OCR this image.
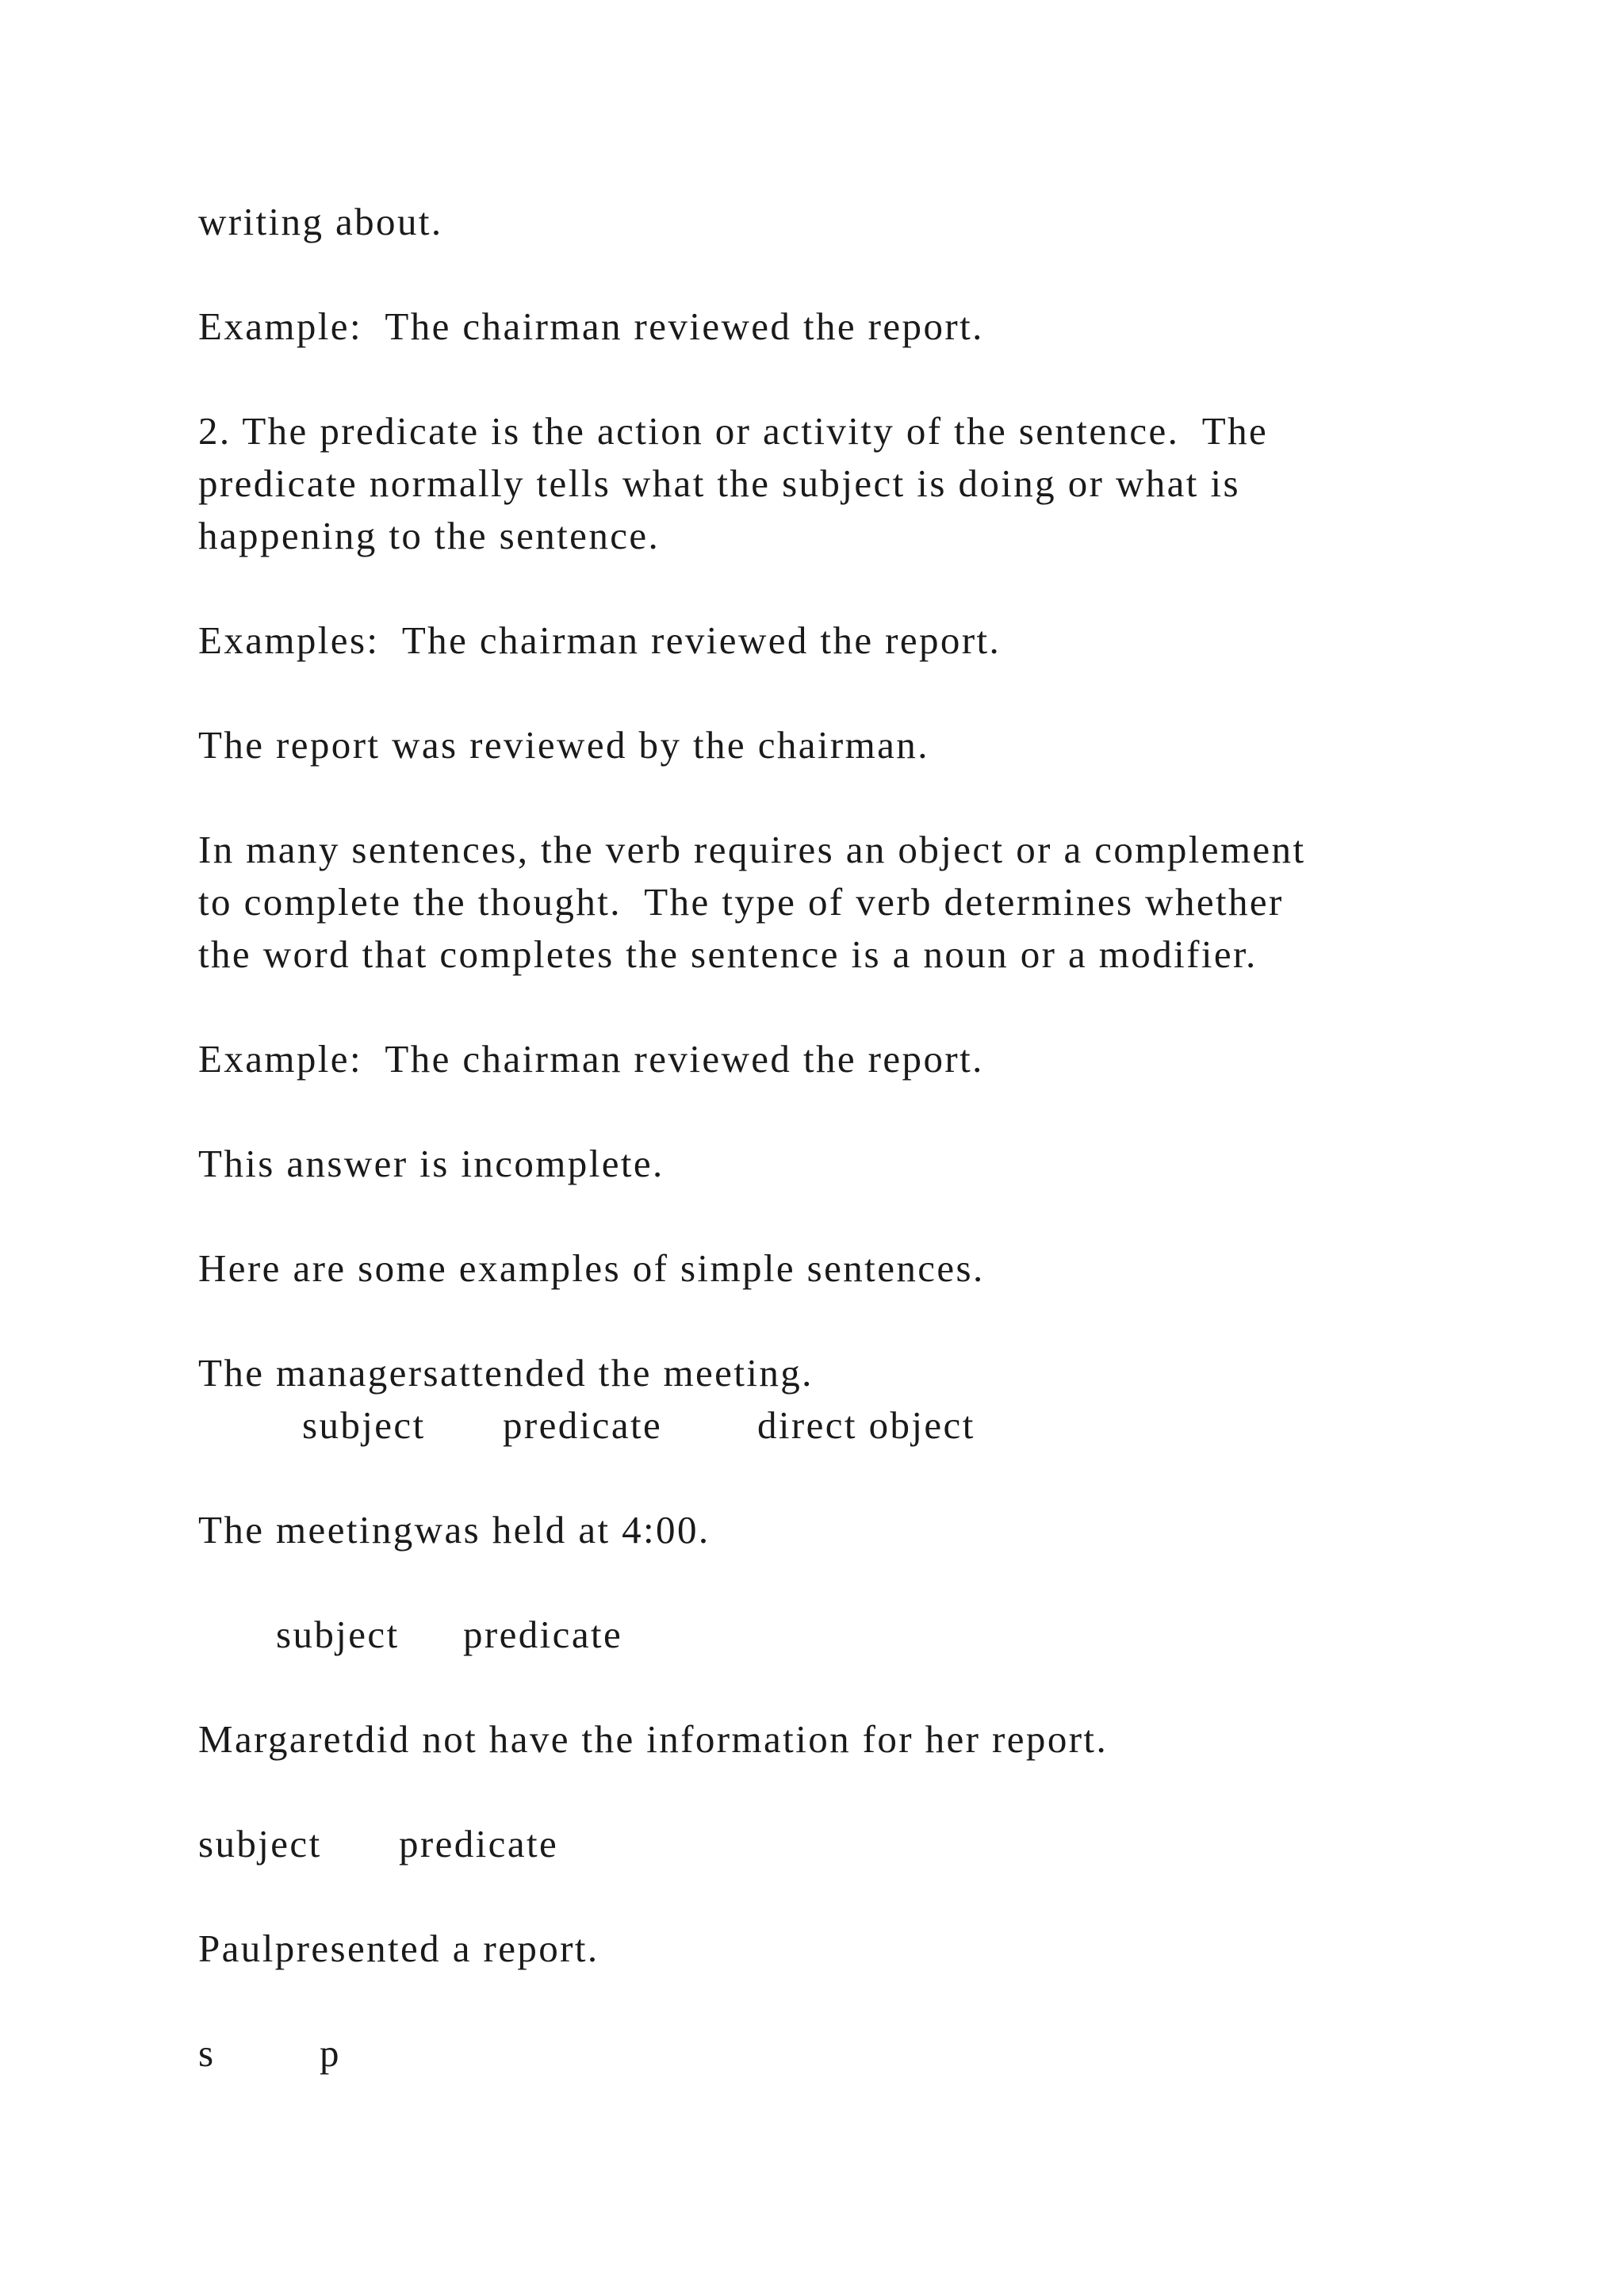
writing about.

Example:  The chairman reviewed the report.

2. The predicate is the action or activity of the sentence.  The

predicate normally tells what the subject is doing or what is

happening to the sentence.

Examples:  The chairman reviewed the report.

The report was reviewed by the chairman.

In many sentences, the verb requires an object or a complement

to complete the thought.  The type of verb determines whether

the word that completes the sentence is a noun or a modifier.

Example:  The chairman reviewed the report.

This answer is incomplete.

Here are some examples of simple sentences.

The managersattended the meeting.

subject predicate direct object

The meetingwas held at 4:00.

subject predicate

Margaretdid not have the information for her report.

subject predicate

Paulpresented a report.

s	p
